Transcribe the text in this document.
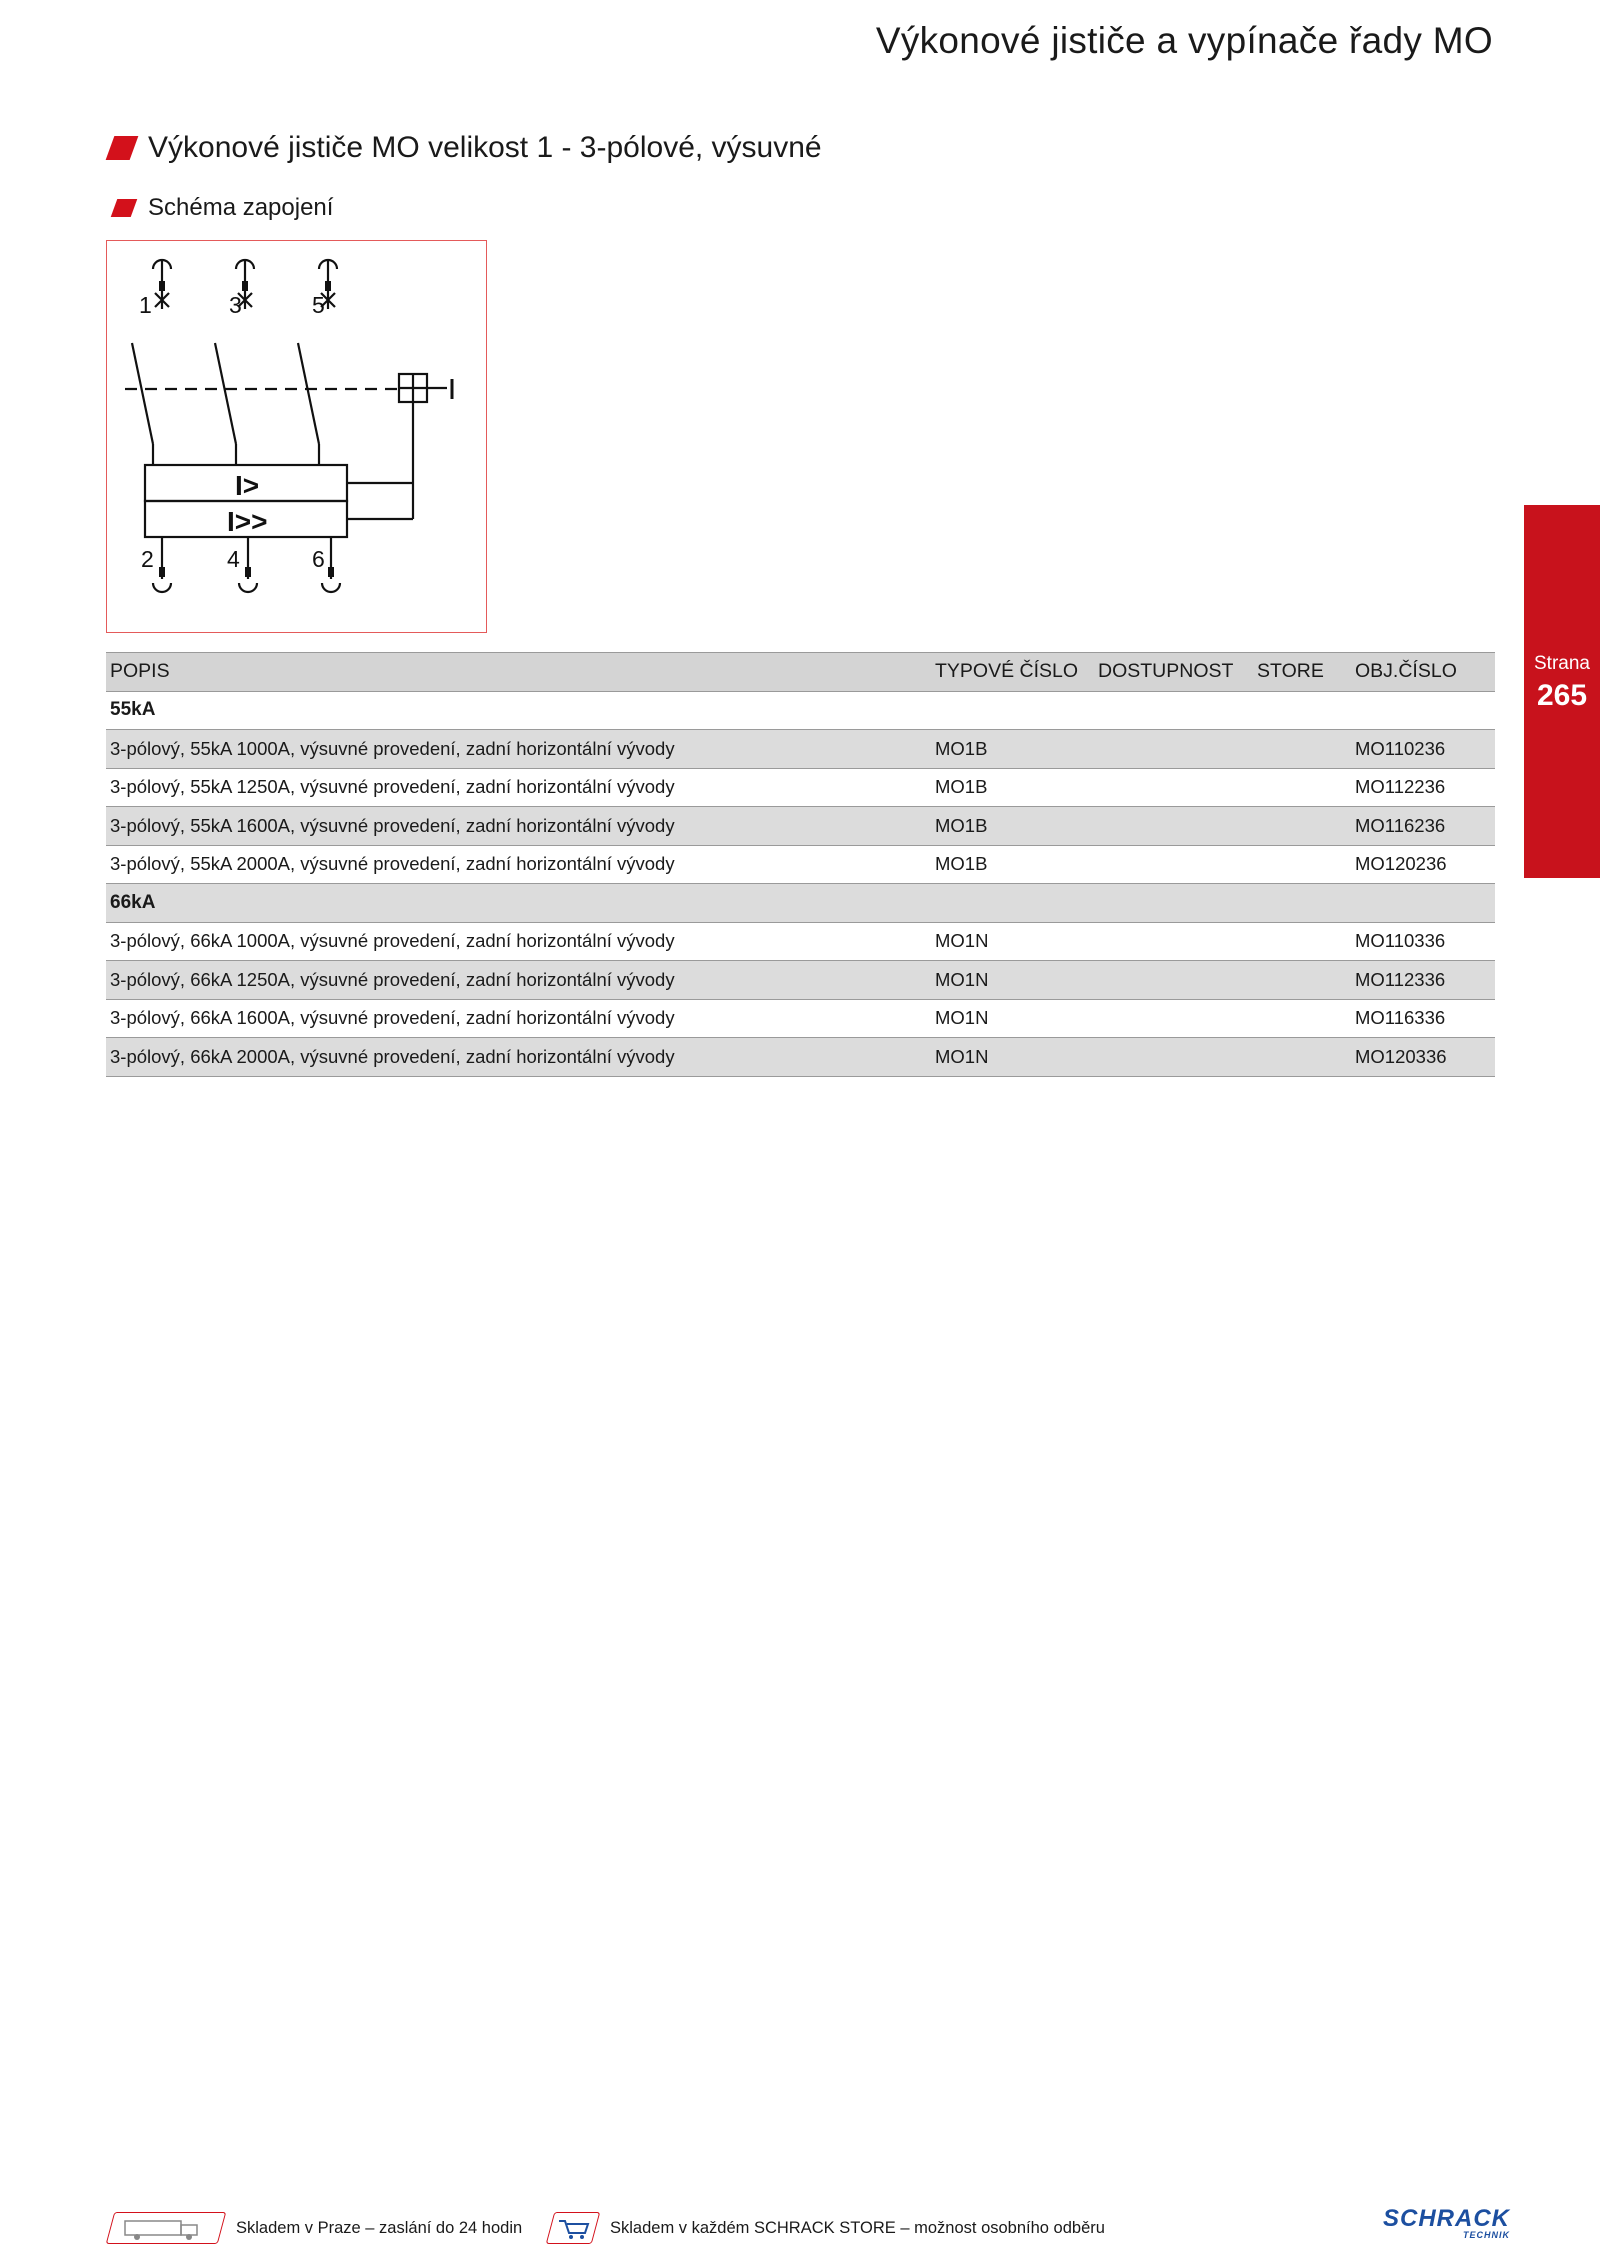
Výkonové jističe a vypínače řady MO
Výkonové jističe MO velikost 1 - 3-pólové, výsuvné
Schéma zapojení
1	3	5
2	4	6
I>
I>>
Strana
265
POPIS	TYPOVÉ ČÍSLO	DOSTUPNOST	STORE	OBJ.ČÍSLO
55kA				
3-pólový, 55kA 1000A, výsuvné provedení, zadní horizontální vývody	MO1B			MO110236
3-pólový, 55kA 1250A, výsuvné provedení, zadní horizontální vývody	MO1B			MO112236
3-pólový, 55kA 1600A, výsuvné provedení, zadní horizontální vývody	MO1B			MO116236
3-pólový, 55kA 2000A, výsuvné provedení, zadní horizontální vývody	MO1B			MO120236
66kA				
3-pólový, 66kA 1000A, výsuvné provedení, zadní horizontální vývody	MO1N			MO110336
3-pólový, 66kA 1250A, výsuvné provedení, zadní horizontální vývody	MO1N			MO112336
3-pólový, 66kA 1600A, výsuvné provedení, zadní horizontální vývody	MO1N			MO116336
3-pólový, 66kA 2000A, výsuvné provedení, zadní horizontální vývody	MO1N			MO120336
Skladem v Praze – zaslání do 24 hodin	Skladem v každém SCHRACK STORE – možnost osobního odběru	SCHRACK
TECHNIK
